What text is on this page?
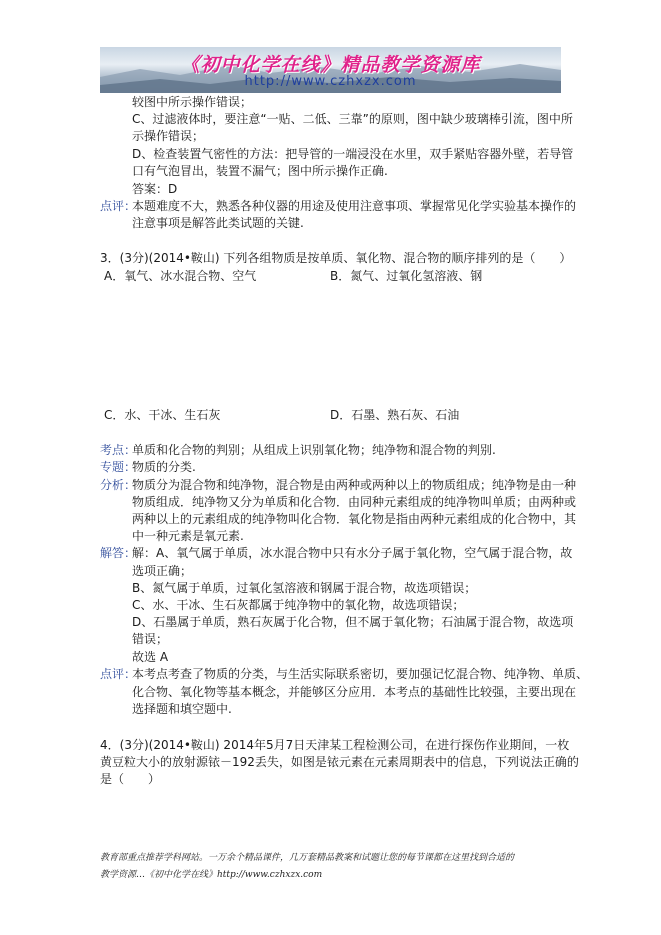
《初中化学在线》精品教学资源库
http://www.czhxzx.com
较图中所示操作错误；
C、过滤液体时，要注意“一贴、二低、三靠”的原则，图中缺少玻璃棒引流，图中所
示操作错误；
D、检查装置气密性的方法：把导管的一端浸没在水里，双手紧贴容器外壁，若导管
口有气泡冒出，装置不漏气；图中所示操作正确.
答案：D
点评：
本题难度不大，熟悉各种仪器的用途及使用注意事项、掌握常见化学实验基本操作的
注意事项是解答此类试题的关键.
3．(3分)(2014•鞍山) 下列各组物质是按单质、氧化物、混合物的顺序排列的是（　　）
A．氧气、冰水混合物、空气	B．氮气、过氧化氢溶液、钢
C．水、干冰、生石灰	D．石墨、熟石灰、石油
考点：
单质和化合物的判别；从组成上识别氧化物；纯净物和混合物的判别.
专题：
物质的分类.
分析：
物质分为混合物和纯净物，混合物是由两种或两种以上的物质组成；纯净物是由一种
物质组成．纯净物又分为单质和化合物．由同种元素组成的纯净物叫单质；由两种或
两种以上的元素组成的纯净物叫化合物．氧化物是指由两种元素组成的化合物中，其
中一种元素是氧元素.
解答：
解：A、氧气属于单质，冰水混合物中只有水分子属于氧化物，空气属于混合物，故
选项正确；
B、氮气属于单质，过氧化氢溶液和钢属于混合物，故选项错误；
C、水、干冰、生石灰都属于纯净物中的氧化物，故选项错误；
D、石墨属于单质，熟石灰属于化合物，但不属于氧化物；石油属于混合物，故选项
错误；
故选 A
点评：
本考点考查了物质的分类，与生活实际联系密切，要加强记忆混合物、纯净物、单质、
化合物、氧化物等基本概念，并能够区分应用．本考点的基础性比较强，主要出现在
选择题和填空题中.
4．(3分)(2014•鞍山) 2014年5月7日天津某工程检测公司，在进行探伤作业期间，一枚
黄豆粒大小的放射源铱－192丢失，如图是铱元素在元素周期表中的信息，下列说法正确的
是（　　）
教育部重点推荐学科网站。一万余个精品课件，几万套精品教案和试题让您的每节课都在这里找到合适的
教学资源…《初中化学在线》http://www.czhxzx.com
